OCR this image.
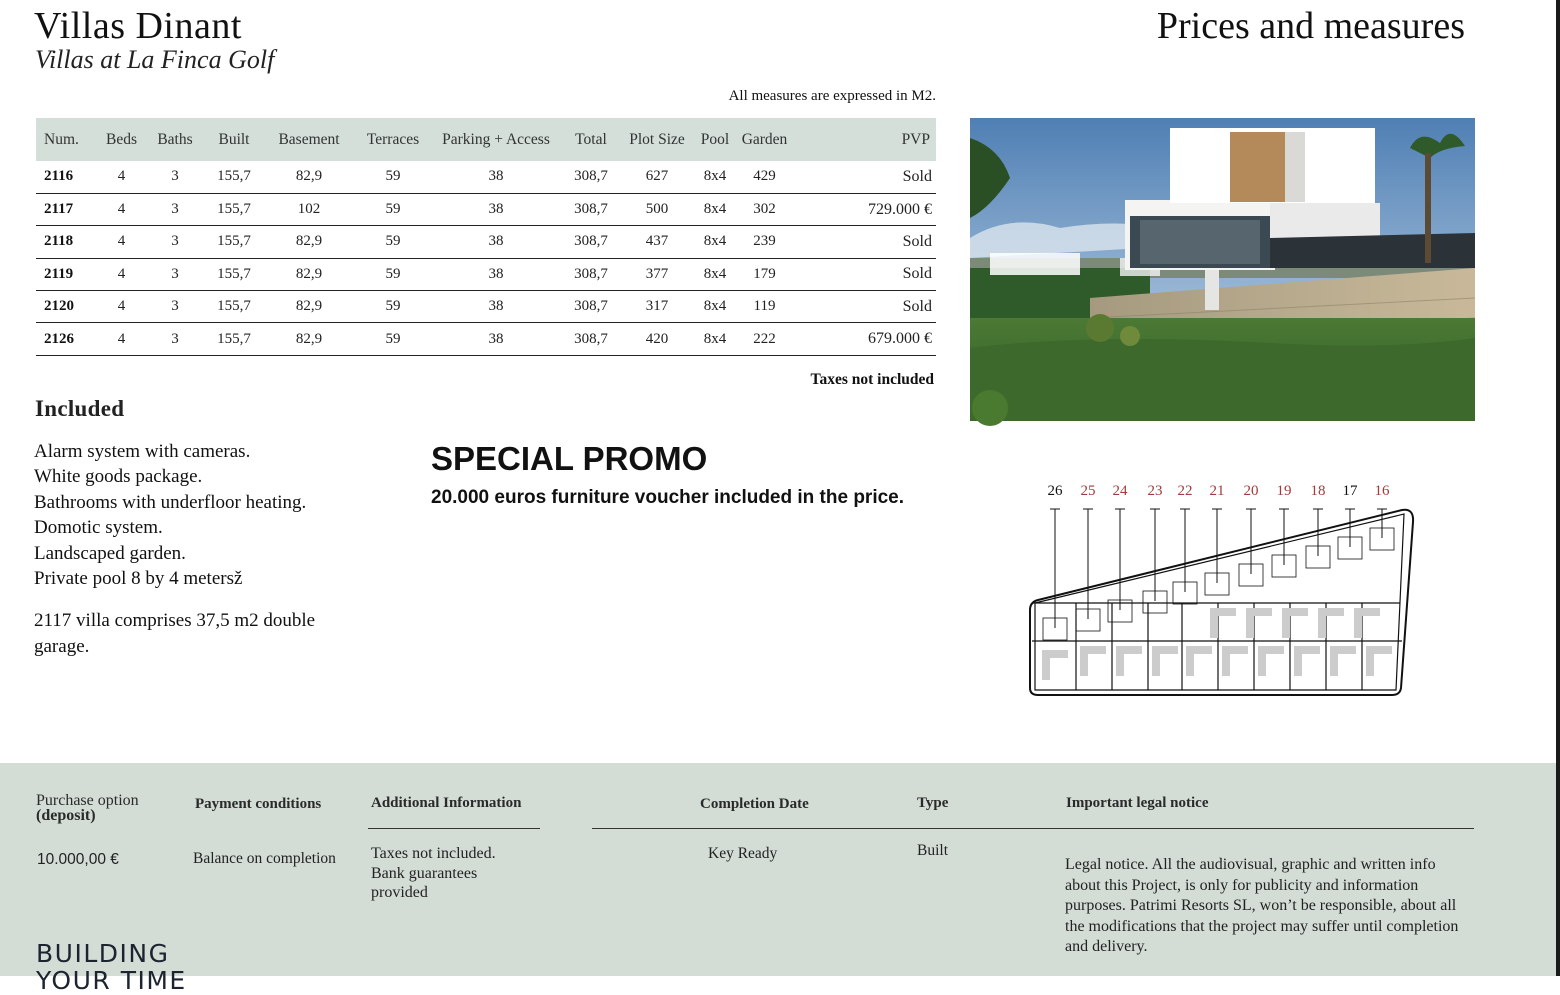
Villas Dinant
Villas at La Finca Golf
Prices and measures
All measures are expressed in M2.
Num.	Beds	Baths	Built	Basement	Terraces	Parking + Access	Total	Plot Size	Pool	Garden	PVP
2116	4	3	155,7	82,9	59	38	308,7	627	8x4	429	Sold
2117	4	3	155,7	102	59	38	308,7	500	8x4	302	729.000 €
2118	4	3	155,7	82,9	59	38	308,7	437	8x4	239	Sold
2119	4	3	155,7	82,9	59	38	308,7	377	8x4	179	Sold
2120	4	3	155,7	82,9	59	38	308,7	317	8x4	119	Sold
2126	4	3	155,7	82,9	59	38	308,7	420	8x4	222	679.000 €
Taxes not included
Included
Alarm system with cameras.
White goods package.
Bathrooms with underfloor heating.
Domotic system.
Landscaped garden.
Private pool 8 by 4 metersž
2117 villa comprises 37,5 m2 double garage.
SPECIAL PROMO
20.000 euros furniture voucher included in the price.	26 25 24 23 22 21 20 19 18 17 16
Purchase option
(deposit)
10.000,00 €
Payment conditions
Balance on completion
Additional Information
Taxes not included. Bank guarantees provided
Completion Date
Key Ready
Type
Built
Important legal notice
Legal notice. All the audiovisual, graphic and written info about this Project, is only for publicity and information purposes. Patrimi Resorts SL, won’t be responsible, about all the modifications that the project may suffer until completion and delivery.
BUILDING
YOUR TIME
